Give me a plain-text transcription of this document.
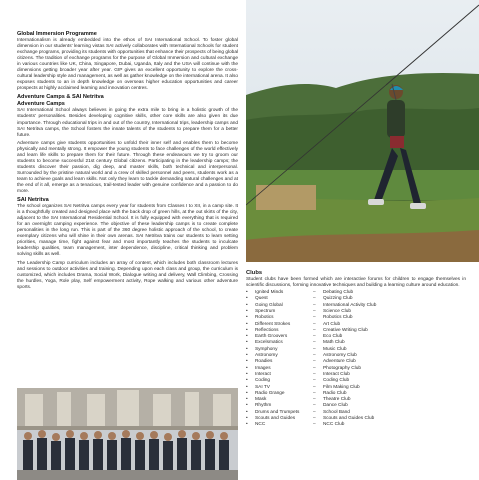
Global Immersion Programme

Internationalism is already embedded into the ethos of SAI International School. To foster global dimension in our students' learning vistas SAI actively collaborates with International Schools for student exchange programs, providing its students with opportunities that enhance their prospects of being global citizens. The tradition of exchange programs for the purpose of Global Immersion and cultural exchange in various countries like UK, China, Singapore, Dubai, Uganda, Italy and the USA will continue with the dimensions getting broader year after year. GIP gives an excellent opportunity to explore the cross-cultural leadership style and management, as well as gather knowledge on the international arena. It also exposes students to an in depth knowledge on overseas higher education opportunities and career prospects at highly acclaimed learning and innovation centres.

Adventure Camps & SAI Netritva
Adventure Camps

SAI International School always believes in going the extra mile to bring in a holistic growth of the students' personalities. Besides developing cognitive skills, other core skills are also given its due importance. Through educational trips in and out of the country, International trips, leadership camps and SAI Netritva camps, the School fosters the innate talents of the students to prepare them for a better future.

Adventure camps give students opportunities to unfold their inner self and enables them to become physically and mentally strong. It empower the young students to face challenges of the world effectively and learn life skills to prepare them for their future. Through these endeavours we try to groom our students to become successful 21st century Global citizens. Participating in the leadership camps; the students discover their passion, dig deep, and master skills, both technical and interpersonal. Surrounded by the pristine natural world and a crew of skilled personnel and peers, students work as a team to achieve goals and learn skills. Not only they learn to tackle demanding natural challenges and at the end of it all, emerge as a tenacious, trail-tested leader with genuine confidence and a passion to do more.

SAI Netritva

The school organizes SAI Netritva camps every year for students from Classes I to XII, in a camp site. It is a thoughtfully created and designed place with the back drop of green hills, at the out skirts of the city, adjacent to the SAI International Residential School. It is fully equipped with everything that is required for an overnight camping experience. The objective of these leadership camps is to create complete personalities in the long run. This is part of the 360 degree holistic approach of the school, to create exemplary citizens who will shine in their own arenas. SAI Netritva trains our students to learn setting priorities, manage time, fight against fear and most importantly teaches the students to inculcate leadership qualities, team management, inter dependence, discipline, critical thinking and problem solving skills as well.

The Leadership Camp curriculum includes an array of content, which includes both classroom lectures and sessions to outdoor activities and training. Depending upon each class and group, the curriculum is customized, which includes Drama, Social Work, Dialogue writing and delivery, Wall Climbing, Crossing the hurdles, Yoga, Role play, Self empowerment activity, Rope walking and various other adventure sports.

Clubs

Student clubs have been formed which are interactive forums for children to engage themselves in scientific discussions, forming innovative techniques and building a learning culture around education.

•	Ignited Minds	–	Debating Club
•	Quest	–	Quizzing Club
•	Going Global	–	International Activity Club
•	Spectrum	–	Science Club
•	Robotics	–	Robotics Club
•	Different Strokes	–	Art Club
•	Reflections	–	Creative Writing Club
•	Earth Groovers	–	Eco Club
•	Excelsmatics	–	Math Club
•	Symphony	–	Music Club
•	Astronomy	–	Astronomy Club
•	Roadies	–	Adventure Club
•	Images	–	Photography Club
•	Interact	–	Interact Club
•	Coding	–	Coding Club
•	SAI TV	–	Film Making Club
•	Radio Grange	–	Radio Club
•	Mask	–	Theatre Club
•	Rhythm	–	Dance Club
•	Drums and Trumpets	–	School Band
•	Scouts and Guides	–	Scouts and Guides Club
•	NCC	–	NCC Club
